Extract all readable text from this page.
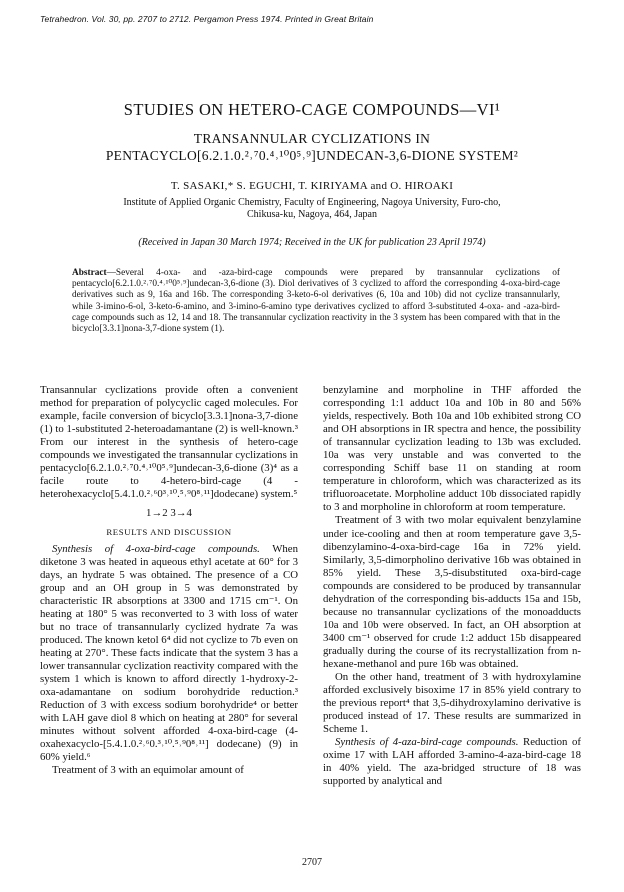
Tetrahedron. Vol. 30, pp. 2707 to 2712. Pergamon Press 1974. Printed in Great Britain
STUDIES ON HETERO-CAGE COMPOUNDS—VI¹
TRANSANNULAR CYCLIZATIONS IN
PENTACYCLO[6.2.1.0.²˒⁷0.⁴˒¹⁰0⁵˒⁹]UNDECAN-3,6-DIONE SYSTEM²
T. SASAKI,* S. EGUCHI, T. KIRIYAMA and O. HIROAKI
Institute of Applied Organic Chemistry, Faculty of Engineering, Nagoya University, Furo-cho,
Chikusa-ku, Nagoya, 464, Japan
(Received in Japan 30 March 1974; Received in the UK for publication 23 April 1974)
Abstract—Several 4-oxa- and -aza-bird-cage compounds were prepared by transannular cyclizations of pentacyclo[6.2.1.0.²˒⁷0.⁴˒¹⁰0⁵˒⁹]undecan-3,6-dione (3). Diol derivatives of 3 cyclized to afford the corresponding 4-oxa-bird-cage derivatives such as 9, 16a and 16b. The corresponding 3-keto-6-ol derivatives (6, 10a and 10b) did not cyclize transannularly, while 3-imino-6-ol, 3-keto-6-amino, and 3-imino-6-amino type derivatives cyclized to afford 3-substituted 4-oxa- and -aza-bird-cage compounds such as 12, 14 and 18. The transannular cyclization reactivity in the 3 system has been compared with that in the bicyclo[3.3.1]nona-3,7-dione system (1).

Transannular cyclizations provide often a convenient method for preparation of polycyclic caged molecules. For example, facile conversion of bicyclo[3.3.1]nona-3,7-dione (1) to 1-substituted 2-heteroadamantane (2) is well-known.³ From our interest in the synthesis of hetero-cage compounds we investigated the transannular cyclizations in pentacyclo[6.2.1.0.²˒⁷0.⁴˒¹⁰0⁵˒⁹]undecan-3,6-dione (3)⁴ as a facile route to 4-hetero-bird-cage (4 - heterohexacyclo[5.4.1.0.²˒⁶0³˒¹⁰.⁵˒⁹0⁸˒¹¹]dodecane) system.⁵

1→2 3→4

RESULTS AND DISCUSSION

Synthesis of 4-oxa-bird-cage compounds. When diketone 3 was heated in aqueous ethyl acetate at 60° for 3 days, an hydrate 5 was obtained. The presence of a CO group and an OH group in 5 was demonstrated by characteristic IR absorptions at 3300 and 1715 cm⁻¹. On heating at 180° 5 was reconverted to 3 with loss of water but no trace of transannularly cyclized hydrate 7a was produced. The known ketol 6⁴ did not cyclize to 7b even on heating at 270°. These facts indicate that the system 3 has a lower transannular cyclization reactivity compared with the system 1 which is known to afford directly 1-hydroxy-2-oxa-adamantane on sodium borohydride reduction.³ Reduction of 3 with excess sodium borohydride⁴ or better with LAH gave diol 8 which on heating at 280° for several minutes without solvent afforded 4-oxa-bird-cage (4-oxahexacyclo-[5.4.1.0.²˒⁶0.³˒¹⁰.⁵˒⁹0⁸˒¹¹] dodecane) (9) in 60% yield.⁶

Treatment of 3 with an equimolar amount of

benzylamine and morpholine in THF afforded the corresponding 1:1 adduct 10a and 10b in 80 and 56% yields, respectively. Both 10a and 10b exhibited strong CO and OH absorptions in IR spectra and hence, the possibility of transannular cyclization leading to 13b was excluded. 10a was very unstable and was converted to the corresponding Schiff base 11 on standing at room temperature in chloroform, which was characterized as its trifluoroacetate. Morpholine adduct 10b dissociated rapidly to 3 and morpholine in chloroform at room temperature.

Treatment of 3 with two molar equivalent benzylamine under ice-cooling and then at room temperature gave 3,5-dibenzylamino-4-oxa-bird-cage 16a in 72% yield. Similarly, 3,5-dimorpholino derivative 16b was obtained in 85% yield. These 3,5-disubstituted oxa-bird-cage compounds are considered to be produced by transannular dehydration of the corresponding bis-adducts 15a and 15b, because no transannular cyclizations of the monoadducts 10a and 10b were observed. In fact, an OH absorption at 3400 cm⁻¹ observed for crude 1:2 adduct 15b disappeared gradually during the course of its recrystallization from n-hexane-methanol and pure 16b was obtained.

On the other hand, treatment of 3 with hydroxylamine afforded exclusively bisoxime 17 in 85% yield contrary to the previous report⁴ that 3,5-dihydroxylamino derivative is produced instead of 17. These results are summarized in Scheme 1.

Synthesis of 4-aza-bird-cage compounds. Reduction of oxime 17 with LAH afforded 3-amino-4-aza-bird-cage 18 in 40% yield. The aza-bridged structure of 18 was supported by analytical and

2707
